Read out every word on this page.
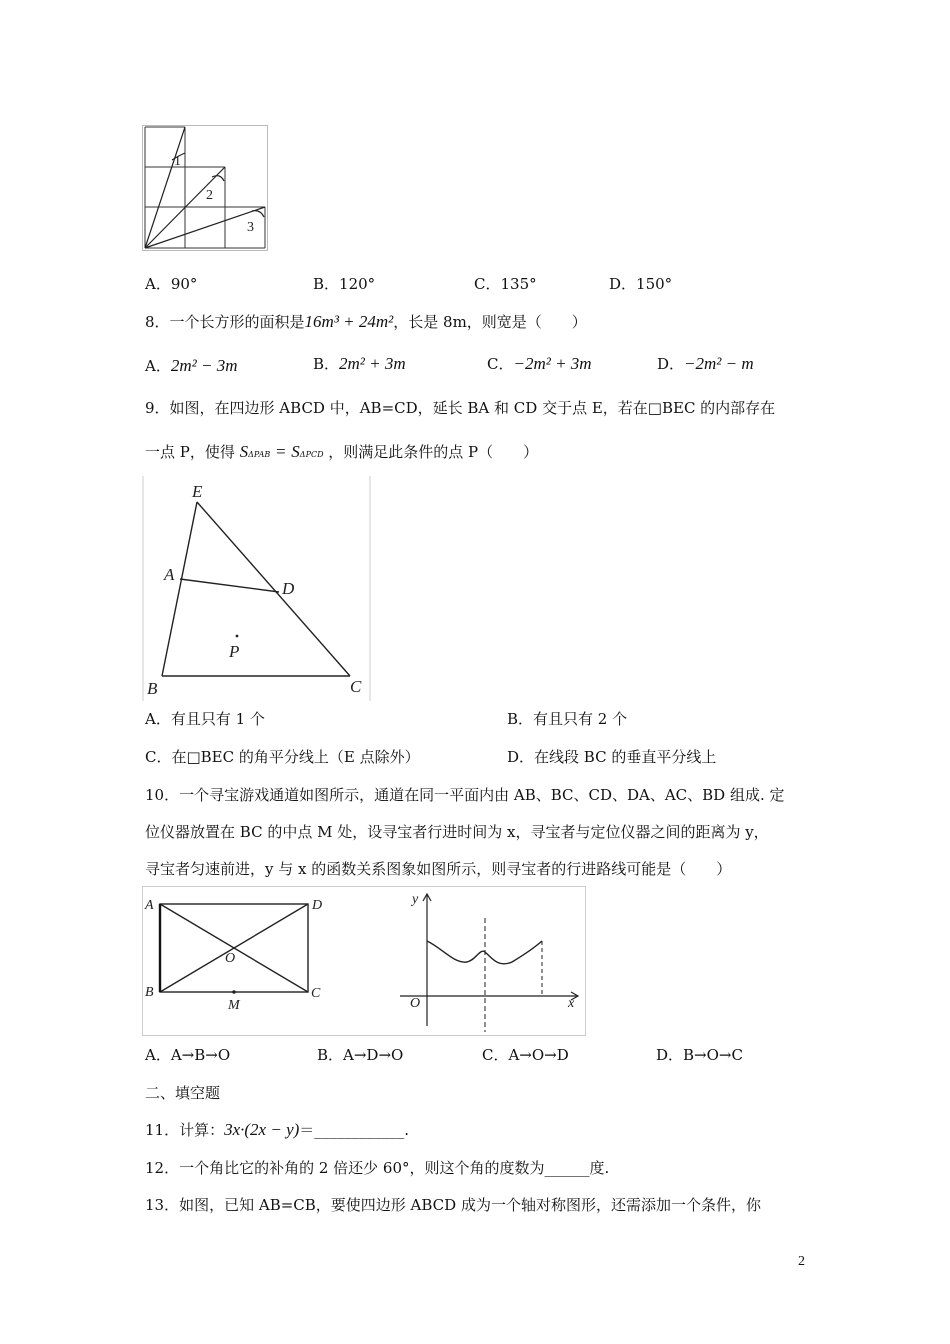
1
2
3
A．90°	B．120°	C．135°	D．150°
8．一个长方形的面积是16m³ + 24m²，长是 8m，则宽是（　　）
A．2m² − 3m	B．2m² + 3m	C．−2m² + 3m	D．−2m² − m
9．如图，在四边形 ABCD 中，AB=CD，延长 BA 和 CD 交于点 E，若在□BEC 的内部存在
一点 P，使得 SΔPAB = SΔPCD ，则满足此条件的点 P（　　）
E
A
D
P
B	C
A．有且只有 1 个	B．有且只有 2 个
C．在□BEC 的角平分线上（E 点除外）	D．在线段 BC 的垂直平分线上
10．一个寻宝游戏通道如图所示，通道在同一平面内由 AB、BC、CD、DA、AC、BD 组成. 定
位仪器放置在 BC 的中点 M 处，设寻宝者行进时间为 x，寻宝者与定位仪器之间的距离为 y，
寻宝者匀速前进，y 与 x 的函数关系图象如图所示，则寻宝者的行进路线可能是（　　）
A	D
O
B
M
C
y
O	x
A．A→B→O	B．A→D→O	C．A→O→D	D．B→O→C
二、填空题
11．计算：3x·(2x − y)＝____________.
12．一个角比它的补角的 2 倍还少 60°，则这个角的度数为______度.
13．如图，已知 AB=CB，要使四边形 ABCD 成为一个轴对称图形，还需添加一个条件，你
2
